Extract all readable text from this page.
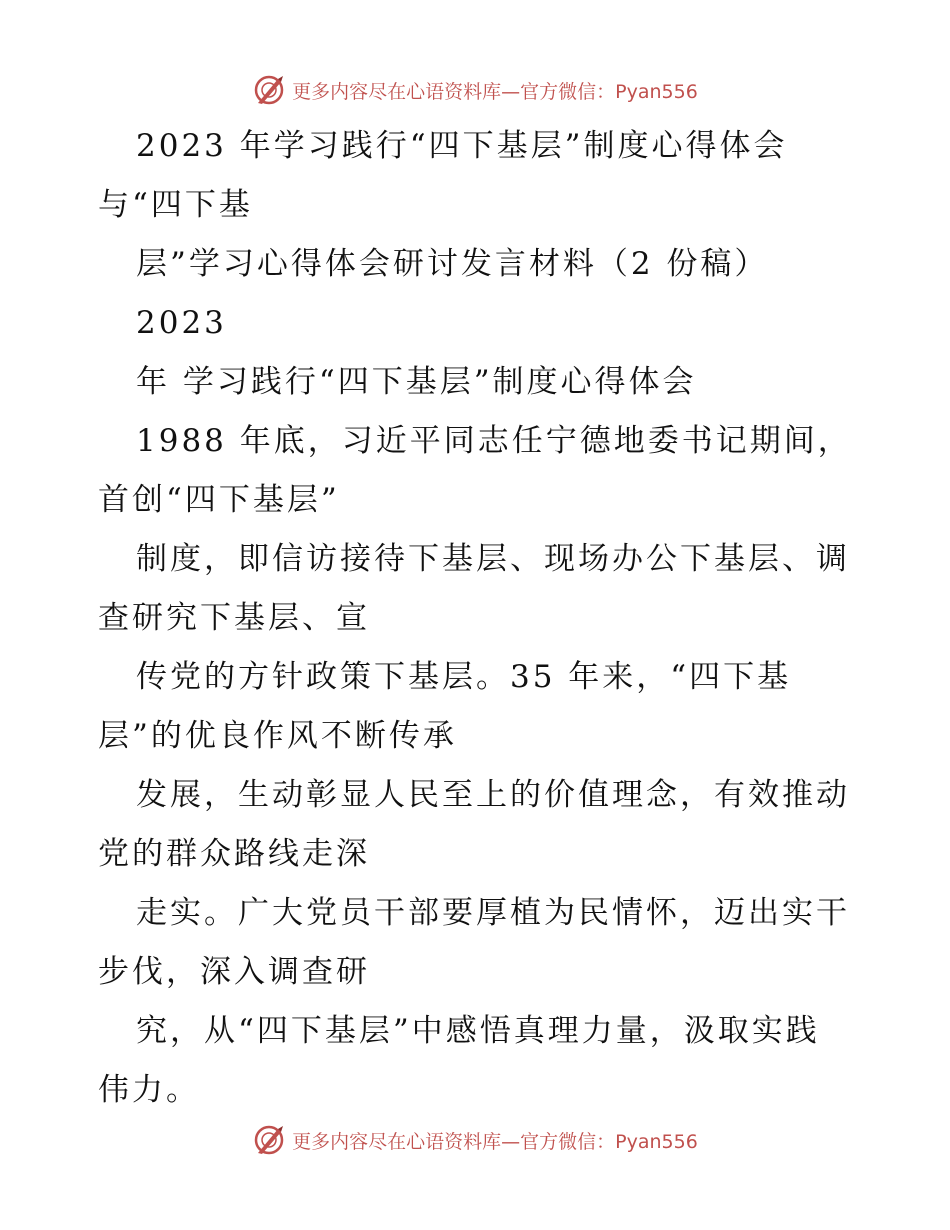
更多内容尽在心语资料库—官方微信：Pyan556
2023 年学习践行“四下基层”制度心得体会
与“四下基
层”学习心得体会研讨发言材料（2 份稿）
2023
年 学习践行“四下基层”制度心得体会
1988 年底，习近平同志任宁德地委书记期间，
首创“四下基层”
制度，即信访接待下基层、现场办公下基层、调
查研究下基层、宣
传党的方针政策下基层。35 年来，“四下基
层”的优良作风不断传承
发展，生动彰显人民至上的价值理念，有效推动
党的群众路线走深
走实。广大党员干部要厚植为民情怀，迈出实干
步伐，深入调查研
究，从“四下基层”中感悟真理力量，汲取实践
伟力。
更多内容尽在心语资料库—官方微信：Pyan556
